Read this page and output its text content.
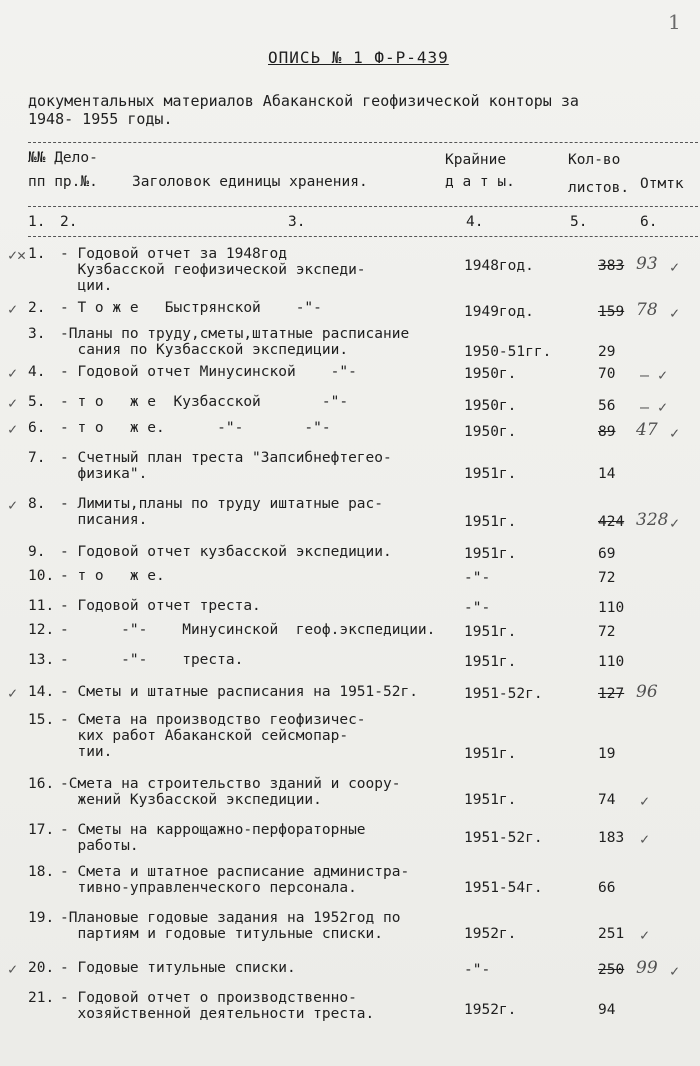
1
ОПИСЬ № 1 Ф-Р-439
документальных материалов Абаканской геофизической конторы за
1948- 1955 годы.
№№ Дело-
пп пр.№. Заголовок единицы хранения.
Крайние
д а т ы.
Кол-во
листов. Отмтк
1. 2.	3.	4.	5.	6.
✓✕ 1. - Годовой отчет за 1948год
Кузбасской геофизической экспеди-
ции.
1948год.	383 93 ✓
✓ 2. - Т о ж е   Быстрянской    -"-	1949год.	159 78 ✓
3. -Планы по труду,сметы,штатные расписание
сания по Кузбасской экспедиции.	1950-51гг.	29
✓ 4. - Годовой отчет Минусинской    -"-	1950г.	70 — ✓
✓ 5. - т о   ж е  Кузбасской       -"-	1950г.	56 — ✓
✓ 6. - т о   ж е.      -"-       -"-	1950г.	89 47 ✓
7. - Счетный план треста "Запсибнефтегео-
физика".	1951г.	14
✓ 8. - Лимиты,планы по труду иштатные рас-
писания.	1951г.	424 328 ✓
9. - Годовой отчет кузбасской экспедиции.	1951г.	69
10. - т о   ж е.	-"-	72
11. - Годовой отчет треста.	-"-	110
12. -      -"-    Минусинской  геоф.экспедиции. 1951г.	72
13. -      -"-    треста.	1951г.	110
✓ 14. - Сметы и штатные расписания на 1951-52г.	1951-52г.	127 96
15. - Смета на производство геофизичес-
ких работ Абаканской сейсмопар-
тии.	1951г.	19
16. -Смета на строительство зданий и соору-
жений Кузбасской экспедиции.	1951г.	74 ✓
17. - Сметы на каррощажно-перфораторные
работы.	1951-52г.	183 ✓
18. - Смета и штатное расписание администра-
тивно-управленческого персонала.	1951-54г.	66
19. -Плановые годовые задания на 1952год по
партиям и годовые титульные списки.	1952г.	251 ✓
✓ 20. - Годовые титульные списки.	-"-	250 99 ✓
21. - Годовой отчет о производственно-
хозяйственной деятельности треста.	1952г.	94
